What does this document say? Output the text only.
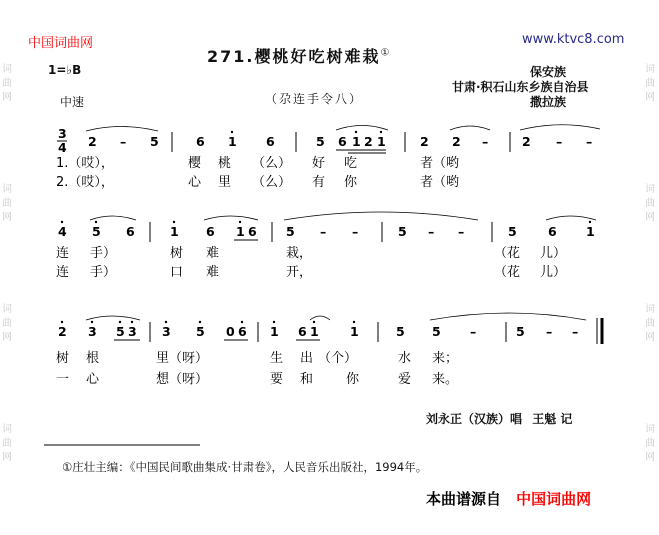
词
曲
网
词
曲
网
词
曲
网
词
曲
网
词
曲
网
词
曲
网
词
曲
网
词
曲
网
中国词曲网	www.ktvc8.com
271.樱桃好吃树难栽①
1=♭B	保安族
甘肃·积石山东乡族自治县
撒拉族
中速	（尕连手令八）
3
4 2 – 5	6 1 6	5 6 1 2 1	2 2 –	2 – –
1.（哎），	樱 桃 （么） 好 吃	者（哟
2.（哎），	心 里 （么） 有 你	者（哟
4 5 6	1 6 1 6 5 – –	5 – –	5	6 1
连 手）	树 难	栽，	（花 儿）
连 手）	口 难	开，	（花 儿）
2 3 5 3 3 5 0 6 1 6 1	1	5 5 –	5 – –
树 根	里（呀）	生 出 （个）	水 来；
一 心	想（呀）	要 和	你	爱 来。
刘永正（汉族）唱 王魁 记
①庄壮主编：《中国民间歌曲集成·甘肃卷》，人民音乐出版社，1994年。
本曲谱源自 中国词曲网
